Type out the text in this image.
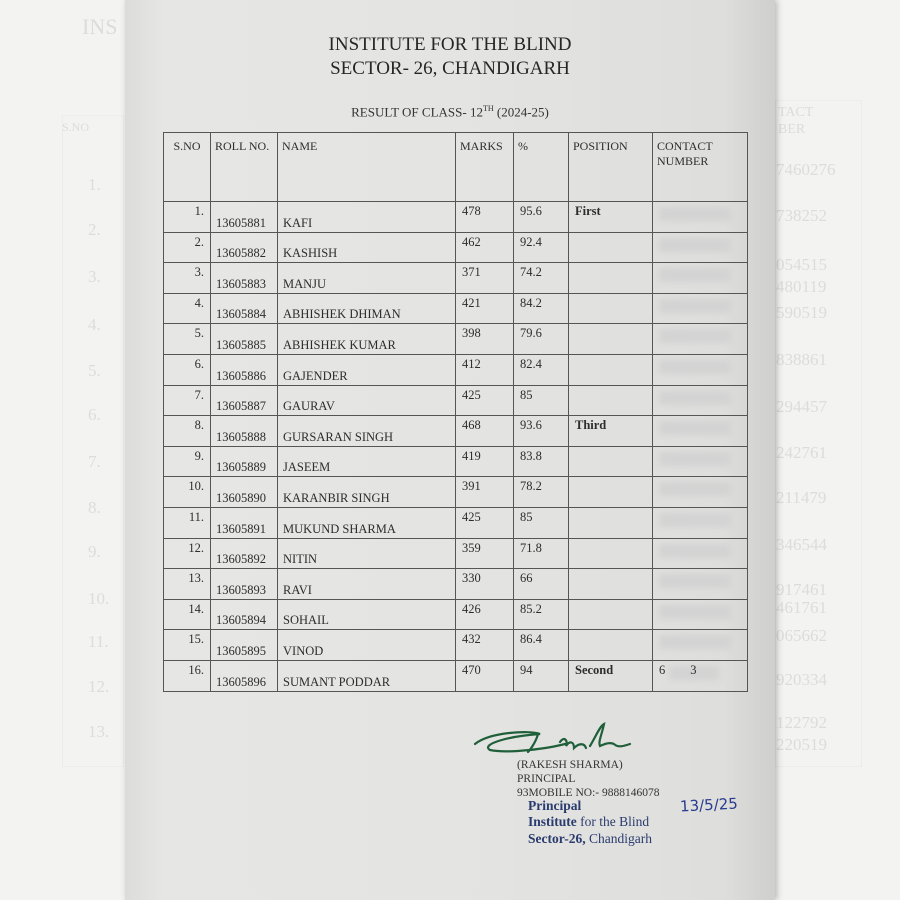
INS
S.NO
1.
2.
3.
4.
5.
6.
7.
8.
9.
10.
11.
12.
13.
TACT
BER
7460276
738252
054515
480119
590519
838861
294457
242761
211479
346544
917461
461761
065662
920334
122792
220519
INSTITUTE FOR THE BLIND
SECTOR- 26, CHANDIGARH
RESULT OF CLASS- 12TH (2024-25)
S.NO	ROLL NO.	NAME	MARKS	%	POSITION	CONTACT NUMBER

1.	13605881	KAFI	478	95.6	First	

2.	13605882	KASHISH	462	92.4		

3.	13605883	MANJU	371	74.2		

4.	13605884	ABHISHEK DHIMAN	421	84.2		

5.	13605885	ABHISHEK KUMAR	398	79.6		

6.	13605886	GAJENDER	412	82.4		

7.	13605887	GAURAV	425	85		

8.	13605888	GURSARAN SINGH	468	93.6	Third	

9.	13605889	JASEEM	419	83.8		

10.	13605890	KARANBIR SINGH	391	78.2		

11.	13605891	MUKUND SHARMA	425	85		

12.	13605892	NITIN	359	71.8		

13.	13605893	RAVI	330	66		

14.	13605894	SOHAIL	426	85.2		

15.	13605895	VINOD	432	86.4		

16.	13605896	SUMANT PODDAR	470	94	Second	6        3
(RAKESH SHARMA)
PRINCIPAL
93MOBILE NO:- 9888146078
Principal
Institute for the Blind
Sector-26, Chandigarh
13/5/25
